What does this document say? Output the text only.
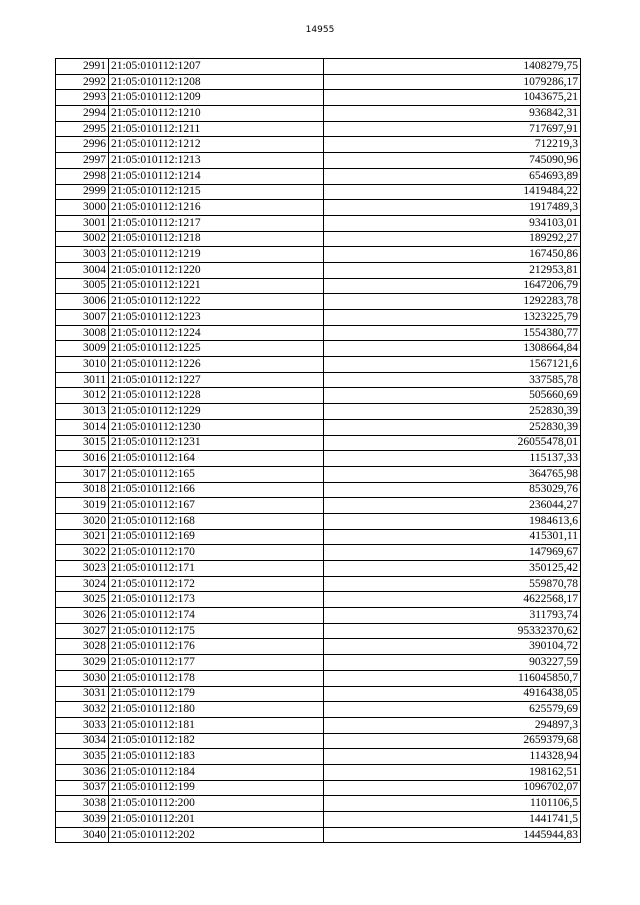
14955
2991	21:05:010112:1207	1408279,75
2992	21:05:010112:1208	1079286,17
2993	21:05:010112:1209	1043675,21
2994	21:05:010112:1210	936842,31
2995	21:05:010112:1211	717697,91
2996	21:05:010112:1212	712219,3
2997	21:05:010112:1213	745090,96
2998	21:05:010112:1214	654693,89
2999	21:05:010112:1215	1419484,22
3000	21:05:010112:1216	1917489,3
3001	21:05:010112:1217	934103,01
3002	21:05:010112:1218	189292,27
3003	21:05:010112:1219	167450,86
3004	21:05:010112:1220	212953,81
3005	21:05:010112:1221	1647206,79
3006	21:05:010112:1222	1292283,78
3007	21:05:010112:1223	1323225,79
3008	21:05:010112:1224	1554380,77
3009	21:05:010112:1225	1308664,84
3010	21:05:010112:1226	1567121,6
3011	21:05:010112:1227	337585,78
3012	21:05:010112:1228	505660,69
3013	21:05:010112:1229	252830,39
3014	21:05:010112:1230	252830,39
3015	21:05:010112:1231	26055478,01
3016	21:05:010112:164	115137,33
3017	21:05:010112:165	364765,98
3018	21:05:010112:166	853029,76
3019	21:05:010112:167	236044,27
3020	21:05:010112:168	1984613,6
3021	21:05:010112:169	415301,11
3022	21:05:010112:170	147969,67
3023	21:05:010112:171	350125,42
3024	21:05:010112:172	559870,78
3025	21:05:010112:173	4622568,17
3026	21:05:010112:174	311793,74
3027	21:05:010112:175	95332370,62
3028	21:05:010112:176	390104,72
3029	21:05:010112:177	903227,59
3030	21:05:010112:178	116045850,7
3031	21:05:010112:179	4916438,05
3032	21:05:010112:180	625579,69
3033	21:05:010112:181	294897,3
3034	21:05:010112:182	2659379,68
3035	21:05:010112:183	114328,94
3036	21:05:010112:184	198162,51
3037	21:05:010112:199	1096702,07
3038	21:05:010112:200	1101106,5
3039	21:05:010112:201	1441741,5
3040	21:05:010112:202	1445944,83
